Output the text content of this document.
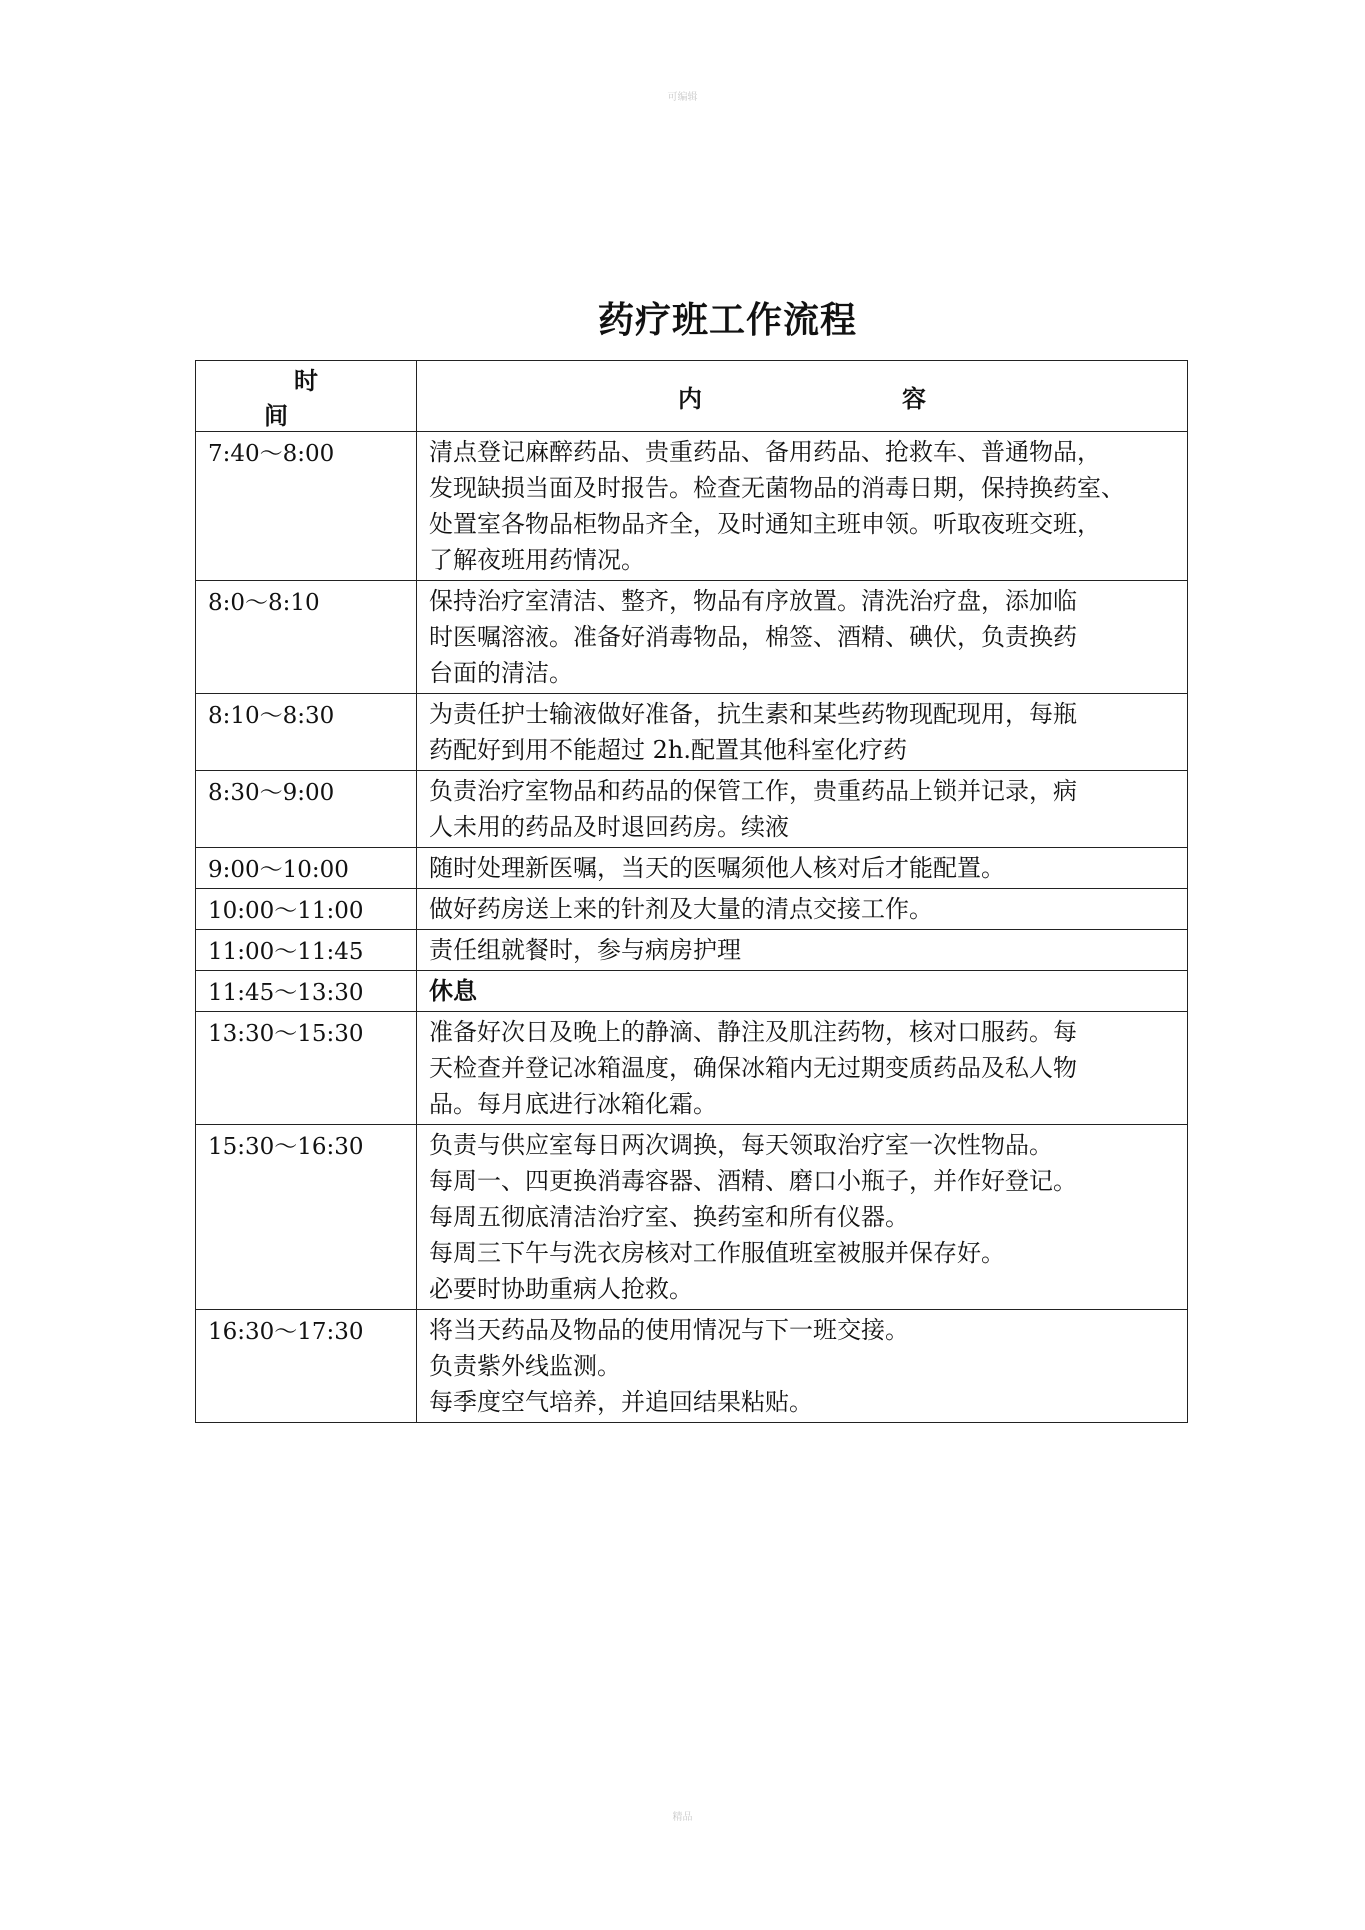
可编辑
药疗班工作流程
时间	内容
7:40～8:00	清点登记麻醉药品、贵重药品、备用药品、抢救车、普通物品，
发现缺损当面及时报告。检查无菌物品的消毒日期，保持换药室、
处置室各物品柜物品齐全，及时通知主班申领。听取夜班交班，
了解夜班用药情况。

8:0～8:10	保持治疗室清洁、整齐，物品有序放置。清洗治疗盘，添加临
时医嘱溶液。准备好消毒物品，棉签、酒精、碘伏，负责换药
台面的清洁。

8:10～8:30	为责任护士输液做好准备，抗生素和某些药物现配现用，每瓶
药配好到用不能超过 2h.配置其他科室化疗药

8:30～9:00	负责治疗室物品和药品的保管工作，贵重药品上锁并记录，病
人未用的药品及时退回药房。续液

9:00～10:00	随时处理新医嘱，当天的医嘱须他人核对后才能配置。

10:00～11:00	做好药房送上来的针剂及大量的清点交接工作。

11:00～11:45	责任组就餐时，参与病房护理

11:45～13:30	休息

13:30～15:30	准备好次日及晚上的静滴、静注及肌注药物，核对口服药。每
天检查并登记冰箱温度，确保冰箱内无过期变质药品及私人物
品。每月底进行冰箱化霜。

15:30～16:30	负责与供应室每日两次调换，每天领取治疗室一次性物品。
每周一、四更换消毒容器、酒精、磨口小瓶子，并作好登记。
每周五彻底清洁治疗室、换药室和所有仪器。
每周三下午与洗衣房核对工作服值班室被服并保存好。
必要时协助重病人抢救。

16:30～17:30	将当天药品及物品的使用情况与下一班交接。
负责紫外线监测。
每季度空气培养，并追回结果粘贴。
精品
